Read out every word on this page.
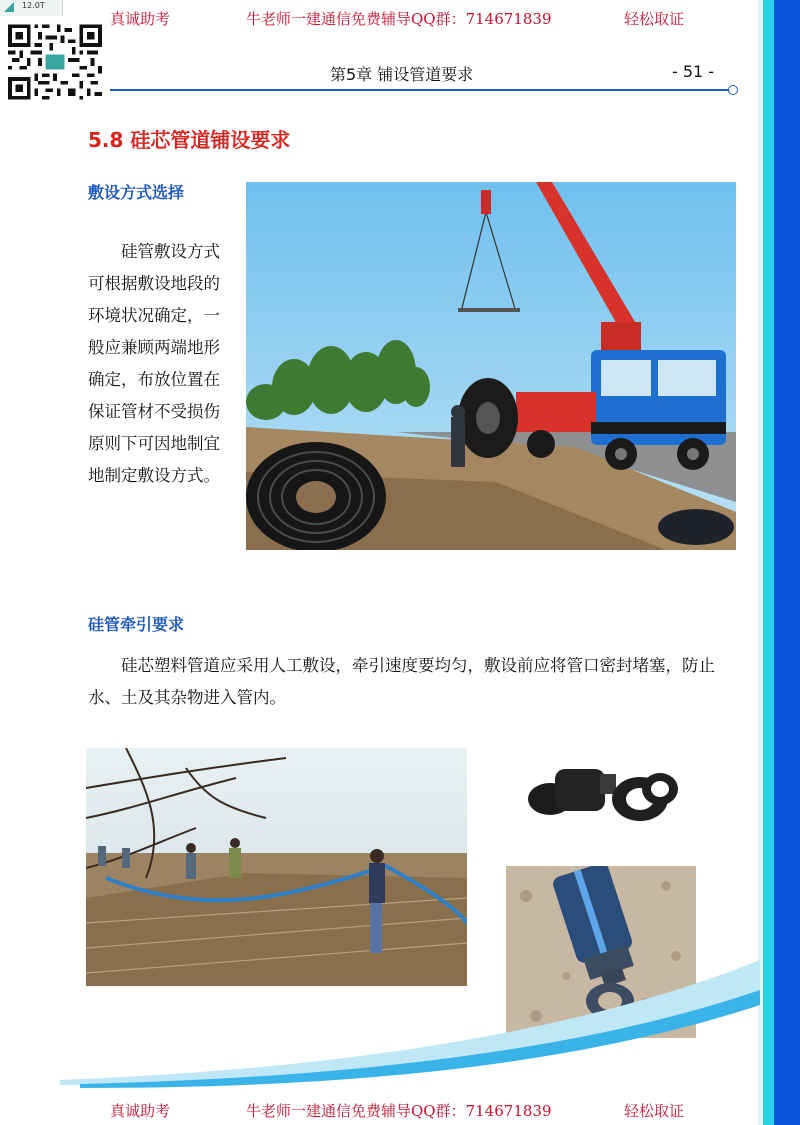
12.0T
真诚助考	牛老师一建通信免费辅导QQ群：714671839	轻松取证
第5章 铺设管道要求	- 51 -
5.8 硅芯管道铺设要求
敷设方式选择
　　硅管敷设方式
可根据敷设地段的
环境状况确定，一
般应兼顾两端地形
确定，布放位置在
保证管材不受损伤
原则下可因地制宜
地制定敷设方式。
硅管牵引要求
硅芯塑料管道应采用人工敷设，牵引速度要均匀，敷设前应将管口密封堵塞，防止水、土及其杂物进入管内。
真诚助考	牛老师一建通信免费辅导QQ群：714671839	轻松取证
